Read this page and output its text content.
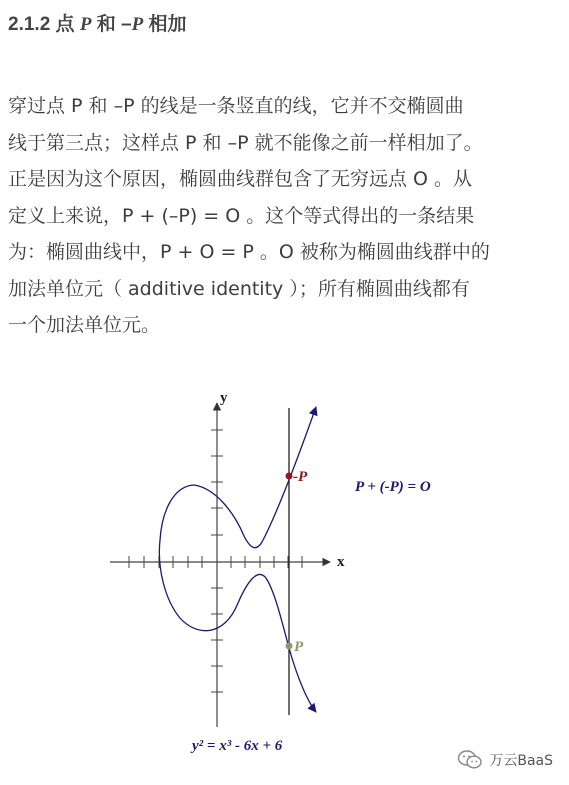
2.1.2 点 P 和 –P 相加
穿过点 P 和 –P 的线是一条竖直的线，它并不交椭圆曲
线于第三点；这样点 P 和 –P 就不能像之前一样相加了。
正是因为这个原因，椭圆曲线群包含了无穷远点 O 。从
定义上来说，P + (–P) = O 。这个等式得出的一条结果
为：椭圆曲线中，P + O = P 。O 被称为椭圆曲线群中的
加法单位元（ additive identity ）；所有椭圆曲线都有
一个加法单位元。
y
x
-P
P
P + (-P) = O
y² = x³ - 6x + 6
万云BaaS
